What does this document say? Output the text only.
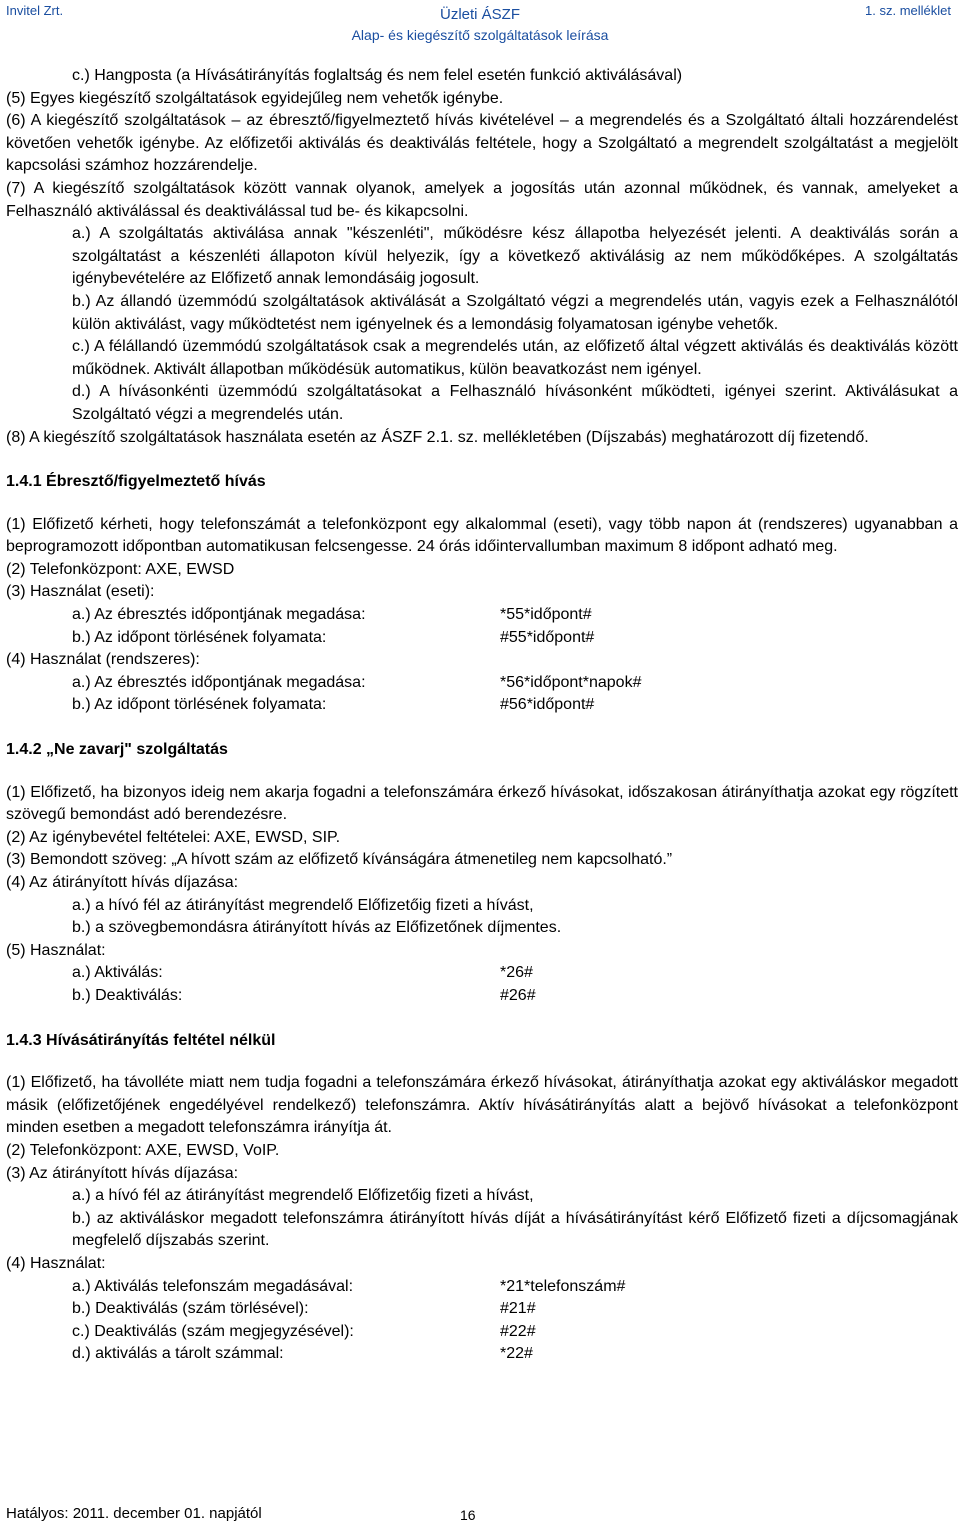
Invitel Zrt.	Üzleti ÁSZF
Alap- és kiegészítő szolgáltatások leírása
1. sz. melléklet

c.) Hangposta (a Hívásátirányítás foglaltság és nem felel esetén funkció aktiválásával)

(5) Egyes kiegészítő szolgáltatások egyidejűleg nem vehetők igénybe.

(6) A kiegészítő szolgáltatások – az ébresztő/figyelmeztető hívás kivételével – a megrendelés és a Szolgáltató általi hozzárendelést követően vehetők igénybe. Az előfizetői aktiválás és deaktiválás feltétele, hogy a Szolgáltató a megrendelt szolgáltatást a megjelölt kapcsolási számhoz hozzárendelje.

(7) A kiegészítő szolgáltatások között vannak olyanok, amelyek a jogosítás után azonnal működnek, és vannak, amelyeket a Felhasználó aktiválással és deaktiválással tud be- és kikapcsolni.

a.) A szolgáltatás aktiválása annak "készenléti", működésre kész állapotba helyezését jelenti. A deaktiválás során a szolgáltatást a készenléti állapoton kívül helyezik, így a következő aktiválásig az nem működőképes. A szolgáltatás igénybevételére az Előfizető annak lemondásáig jogosult.

b.) Az állandó üzemmódú szolgáltatások aktiválását a Szolgáltató végzi a megrendelés után, vagyis ezek a Felhasználótól külön aktiválást, vagy működtetést nem igényelnek és a lemondásig folyamatosan igénybe vehetők.

c.) A félállandó üzemmódú szolgáltatások csak a megrendelés után, az előfizető által végzett aktiválás és deaktiválás között működnek. Aktivált állapotban működésük automatikus, külön beavatkozást nem igényel.

d.) A hívásonkénti üzemmódú szolgáltatásokat a Felhasználó hívásonként működteti, igényei szerint. Aktiválásukat a Szolgáltató végzi a megrendelés után.

(8) A kiegészítő szolgáltatások használata esetén az ÁSZF 2.1. sz. mellékletében (Díjszabás) meghatározott díj fizetendő.

1.4.1 Ébresztő/figyelmeztető hívás

(1) Előfizető kérheti, hogy telefonszámát a telefonközpont egy alkalommal (eseti), vagy több napon át (rendszeres) ugyanabban a beprogramozott időpontban automatikusan felcsengesse. 24 órás időintervallumban maximum 8 időpont adható meg.

(2) Telefonközpont: AXE, EWSD

(3) Használat (eseti):

a.) Az ébresztés időpontjának megadása:	*55*időpont#
b.) Az időpont törlésének folyamata:	#55*időpont#

(4) Használat (rendszeres):

a.) Az ébresztés időpontjának megadása:	*56*időpont*napok#
b.) Az időpont törlésének folyamata:	#56*időpont#
1.4.2 „Ne zavarj" szolgáltatás

(1) Előfizető, ha bizonyos ideig nem akarja fogadni a telefonszámára érkező hívásokat, időszakosan átirányíthatja azokat egy rögzített szövegű bemondást adó berendezésre.

(2) Az igénybevétel feltételei: AXE, EWSD, SIP.

(3) Bemondott szöveg: „A hívott szám az előfizető kívánságára átmenetileg nem kapcsolható.”

(4) Az átirányított hívás díjazása:

a.) a hívó fél az átirányítást megrendelő Előfizetőig fizeti a hívást,

b.) a szövegbemondásra átirányított hívás az Előfizetőnek díjmentes.

(5) Használat:

a.) Aktiválás:	*26#
b.) Deaktiválás:	#26#
1.4.3 Hívásátirányítás feltétel nélkül

(1) Előfizető, ha távolléte miatt nem tudja fogadni a telefonszámára érkező hívásokat, átirányíthatja azokat egy aktiváláskor megadott másik (előfizetőjének engedélyével rendelkező) telefonszámra. Aktív hívásátirányítás alatt a bejövő hívásokat a telefonközpont minden esetben a megadott telefonszámra irányítja át.

(2) Telefonközpont: AXE, EWSD, VoIP.

(3) Az átirányított hívás díjazása:

a.) a hívó fél az átirányítást megrendelő Előfizetőig fizeti a hívást,

b.) az aktiváláskor megadott telefonszámra átirányított hívás díját a hívásátirányítást kérő Előfizető fizeti a díjcsomagjának megfelelő díjszabás szerint.

(4) Használat:

a.) Aktiválás telefonszám megadásával:	*21*telefonszám#
b.) Deaktiválás (szám törlésével):	#21#
c.) Deaktiválás (szám megjegyzésével):	#22#
d.) aktiválás a tárolt számmal:	*22#
Hatályos: 2011. december 01. napjától	16
